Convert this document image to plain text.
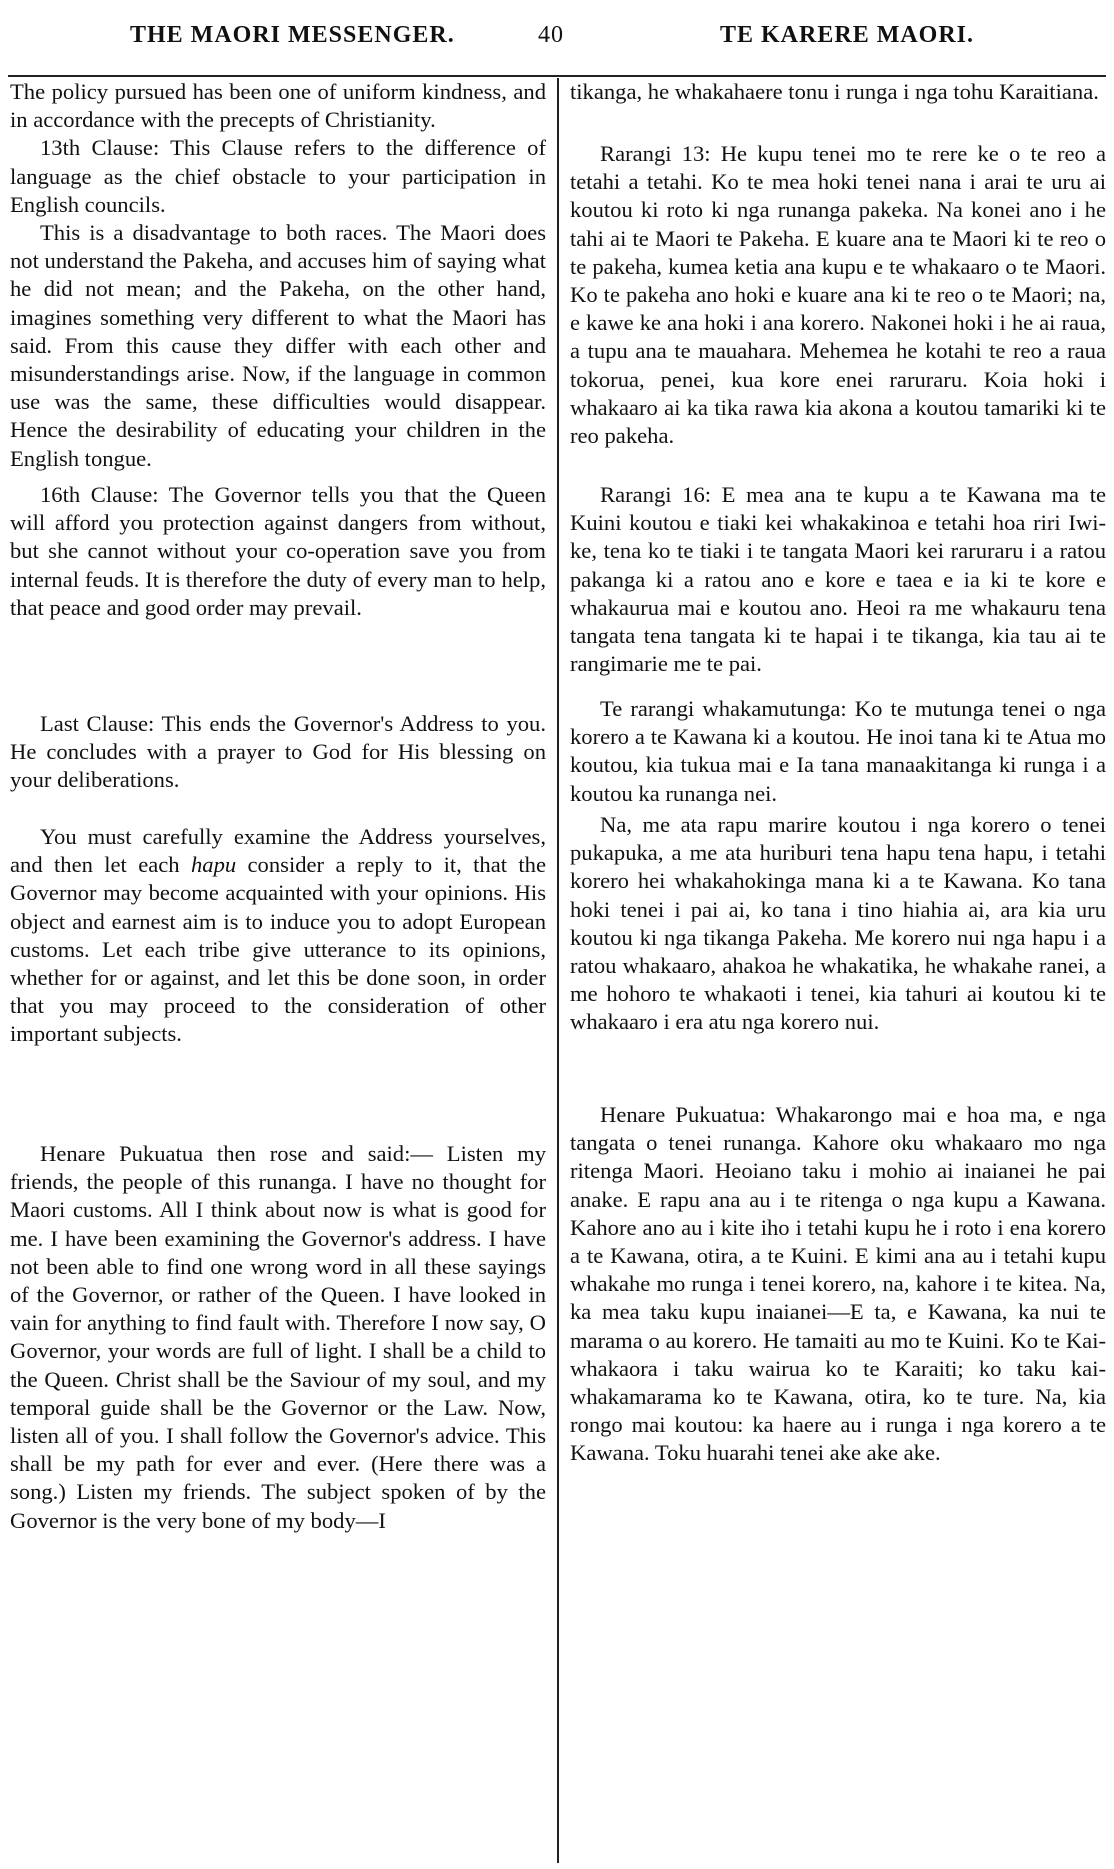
THE MAORI MESSENGER.	40	TE KARERE MAORI.

The policy pursued has been one of uniform kindness, and in accordance with the precepts of Christianity.

13th Clause: This Clause refers to the difference of language as the chief obstacle to your participation in English councils.

This is a disadvantage to both races. The Maori does not understand the Pakeha, and accuses him of saying what he did not mean; and the Pakeha, on the other hand, imagines something very different to what the Maori has said. From this cause they differ with each other and misunderstandings arise. Now, if the language in common use was the same, these difficulties would disappear. Hence the desirability of educating your children in the English tongue.

16th Clause: The Governor tells you that the Queen will afford you protection against dangers from without, but she cannot without your co-operation save you from internal feuds. It is therefore the duty of every man to help, that peace and good order may prevail.

Last Clause: This ends the Governor's Address to you. He concludes with a prayer to God for His blessing on your deliberations.

You must carefully examine the Address yourselves, and then let each hapu consider a reply to it, that the Governor may become acquainted with your opinions. His object and earnest aim is to induce you to adopt European customs. Let each tribe give utterance to its opinions, whether for or against, and let this be done soon, in order that you may proceed to the consideration of other important subjects.

Henare Pukuatua then rose and said:— Listen my friends, the people of this runanga. I have no thought for Maori customs. All I think about now is what is good for me. I have been examining the Governor's address. I have not been able to find one wrong word in all these sayings of the Governor, or rather of the Queen. I have looked in vain for anything to find fault with. Therefore I now say, O Governor, your words are full of light. I shall be a child to the Queen. Christ shall be the Saviour of my soul, and my temporal guide shall be the Governor or the Law. Now, listen all of you. I shall follow the Governor's advice. This shall be my path for ever and ever. (Here there was a song.) Listen my friends. The subject spoken of by the Governor is the very bone of my body—I

tikanga, he whakahaere tonu i runga i nga tohu Karaitiana.

Rarangi 13: He kupu tenei mo te rere ke o te reo a tetahi a tetahi. Ko te mea hoki tenei nana i arai te uru ai koutou ki roto ki nga runanga pakeka. Na konei ano i he tahi ai te Maori te Pakeha. E kuare ana te Maori ki te reo o te pakeha, kumea ketia ana kupu e te whakaaro o te Maori. Ko te pakeha ano hoki e kuare ana ki te reo o te Maori; na, e kawe ke ana hoki i ana korero. Nakonei hoki i he ai raua, a tupu ana te mauahara. Mehemea he kotahi te reo a raua tokorua, penei, kua kore enei raruraru. Koia hoki i whakaaro ai ka tika rawa kia akona a koutou tamariki ki te reo pakeha.

Rarangi 16: E mea ana te kupu a te Kawana ma te Kuini koutou e tiaki kei whakakinoa e tetahi hoa riri Iwi-ke, tena ko te tiaki i te tangata Maori kei raruraru i a ratou pakanga ki a ratou ano e kore e taea e ia ki te kore e whakaurua mai e koutou ano. Heoi ra me whakauru tena tangata tena tangata ki te hapai i te tikanga, kia tau ai te rangimarie me te pai.

Te rarangi whakamutunga: Ko te mutunga tenei o nga korero a te Kawana ki a koutou. He inoi tana ki te Atua mo koutou, kia tukua mai e Ia tana manaakitanga ki runga i a koutou ka runanga nei.

Na, me ata rapu marire koutou i nga korero o tenei pukapuka, a me ata huriburi tena hapu tena hapu, i tetahi korero hei whakahokinga mana ki a te Kawana. Ko tana hoki tenei i pai ai, ko tana i tino hiahia ai, ara kia uru koutou ki nga tikanga Pakeha. Me korero nui nga hapu i a ratou whakaaro, ahakoa he whakatika, he whakahe ranei, a me hohoro te whakaoti i tenei, kia tahuri ai koutou ki te whakaaro i era atu nga korero nui.

Henare Pukuatua: Whakarongo mai e hoa ma, e nga tangata o tenei runanga. Kahore oku whakaaro mo nga ritenga Maori. Heoiano taku i mohio ai inaianei he pai anake. E rapu ana au i te ritenga o nga kupu a Kawana. Kahore ano au i kite iho i tetahi kupu he i roto i ena korero a te Kawana, otira, a te Kuini. E kimi ana au i tetahi kupu whakahe mo runga i tenei korero, na, kahore i te kitea. Na, ka mea taku kupu inaianei—E ta, e Kawana, ka nui te marama o au korero. He tamaiti au mo te Kuini. Ko te Kai-whakaora i taku wairua ko te Karaiti; ko taku kai-whakamarama ko te Kawana, otira, ko te ture. Na, kia rongo mai koutou: ka haere au i runga i nga korero a te Kawana. Toku huarahi tenei ake ake ake.
